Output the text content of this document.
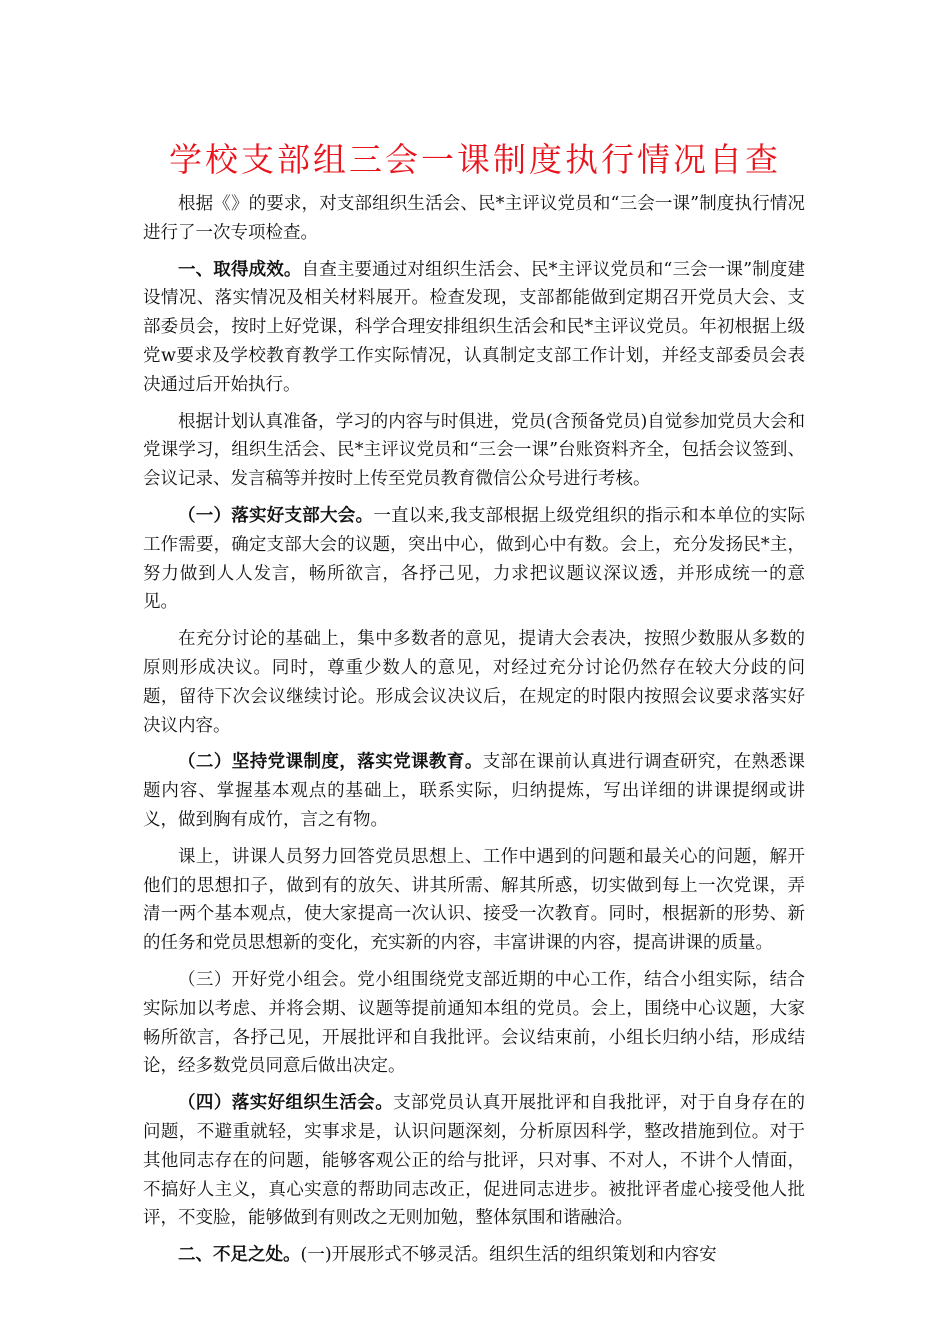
学校支部组三会一课制度执行情况自查

根据《》的要求，对支部组织生活会、民*主评议党员和“三会一课”制度执行情况进行了一次专项检查。

一、取得成效。自查主要通过对组织生活会、民*主评议党员和“三会一课”制度建设情况、落实情况及相关材料展开。检查发现，支部都能做到定期召开党员大会、支部委员会，按时上好党课，科学合理安排组织生活会和民*主评议党员。年初根据上级党w要求及学校教育教学工作实际情况，认真制定支部工作计划，并经支部委员会表决通过后开始执行。

根据计划认真准备，学习的内容与时俱进，党员(含预备党员)自觉参加党员大会和党课学习，组织生活会、民*主评议党员和“三会一课”台账资料齐全，包括会议签到、会议记录、发言稿等并按时上传至党员教育微信公众号进行考核。

（一）落实好支部大会。一直以来,我支部根据上级党组织的指示和本单位的实际工作需要，确定支部大会的议题，突出中心，做到心中有数。会上，充分发扬民*主，努力做到人人发言，畅所欲言，各抒己见，力求把议题议深议透，并形成统一的意见。

在充分讨论的基础上，集中多数者的意见，提请大会表决，按照少数服从多数的原则形成决议。同时，尊重少数人的意见，对经过充分讨论仍然存在较大分歧的问题，留待下次会议继续讨论。形成会议决议后，在规定的时限内按照会议要求落实好决议内容。

（二）坚持党课制度，落实党课教育。支部在课前认真进行调查研究，在熟悉课题内容、掌握基本观点的基础上，联系实际，归纳提炼，写出详细的讲课提纲或讲义，做到胸有成竹，言之有物。

课上，讲课人员努力回答党员思想上、工作中遇到的问题和最关心的问题，解开他们的思想扣子，做到有的放矢、讲其所需、解其所惑，切实做到每上一次党课，弄清一两个基本观点，使大家提高一次认识、接受一次教育。同时，根据新的形势、新的任务和党员思想新的变化，充实新的内容，丰富讲课的内容，提高讲课的质量。

（三）开好党小组会。党小组围绕党支部近期的中心工作，结合小组实际，结合实际加以考虑、并将会期、议题等提前通知本组的党员。会上，围绕中心议题，大家畅所欲言，各抒己见，开展批评和自我批评。会议结束前，小组长归纳小结，形成结论，经多数党员同意后做出决定。

（四）落实好组织生活会。支部党员认真开展批评和自我批评，对于自身存在的问题，不避重就轻，实事求是，认识问题深刻，分析原因科学，整改措施到位。对于其他同志存在的问题，能够客观公正的给与批评，只对事、不对人，不讲个人情面，不搞好人主义，真心实意的帮助同志改正，促进同志进步。被批评者虚心接受他人批评，不变脸，能够做到有则改之无则加勉，整体氛围和谐融洽。

二、不足之处。(一)开展形式不够灵活。组织生活的组织策划和内容安
